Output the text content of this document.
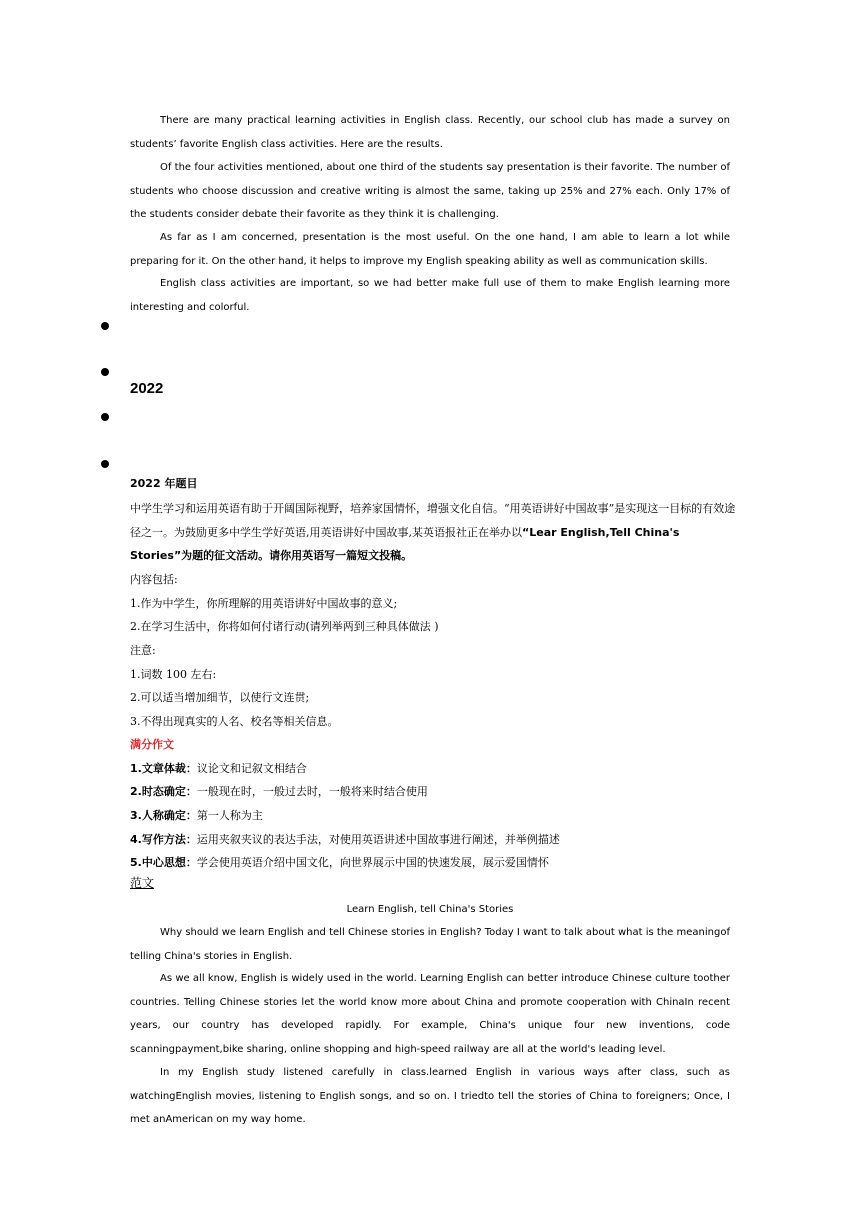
There are many practical learning activities in English class. Recently, our school club has made a survey on students’ favorite English class activities. Here are the results.

Of the four activities mentioned, about one third of the students say presentation is their favorite. The number of students who choose discussion and creative writing is almost the same, taking up 25% and 27% each. Only 17% of the students consider debate their favorite as they think it is challenging.

As far as I am concerned, presentation is the most useful. On the one hand, I am able to learn a lot while preparing for it. On the other hand, it helps to improve my English speaking ability as well as communication skills.

English class activities are important, so we had better make full use of them to make English learning more interesting and colorful.

2022
2022 年题目

中学生学习和运用英语有助于开阔国际视野，培养家国情怀，增强文化自信。“用英语讲好中国故事”是实现这一目标的有效途径之一。为鼓励更多中学生学好英语,用英语讲好中国故事,某英语报社正在举办以“Lear English,Tell China's Stories”为题的征文活动。请你用英语写一篇短文投稿。

内容包括:
1.作为中学生，你所理解的用英语讲好中国故事的意义;
2.在学习生活中，你将如何付诸行动(请列举两到三种具体做法 )
注意:
1.词数 100 左右:
2.可以适当增加细节，以使行文连贯;
3.不得出现真实的人名、校名等相关信息。
满分作文
1.文章体裁：议论文和记叙文相结合
2.时态确定：一般现在时，一般过去时，一般将来时结合使用
3.人称确定：第一人称为主
4.写作方法：运用夹叙夹议的表达手法，对使用英语讲述中国故事进行阐述，并举例描述
5.中心思想：学会使用英语介绍中国文化，向世界展示中国的快速发展，展示爱国情怀
范文
Learn English, tell China's Stories

Why should we learn English and tell Chinese stories in English? Today I want to talk about what is the meaningof telling China's stories in English.

As we all know, English is widely used in the world. Learning English can better introduce Chinese culture toother countries. Telling Chinese stories let the world know more about China and promote cooperation with ChinaIn recent years, our country has developed rapidly. For example, China's unique four new inventions, code scanningpayment,bike sharing, online shopping and high-speed railway are all at the world's leading level.

In my English study listened carefully in class.learned English in various ways after class, such as watchingEnglish movies, listening to English songs, and so on. I triedto tell the stories of China to foreigners; Once, I met anAmerican on my way home.
